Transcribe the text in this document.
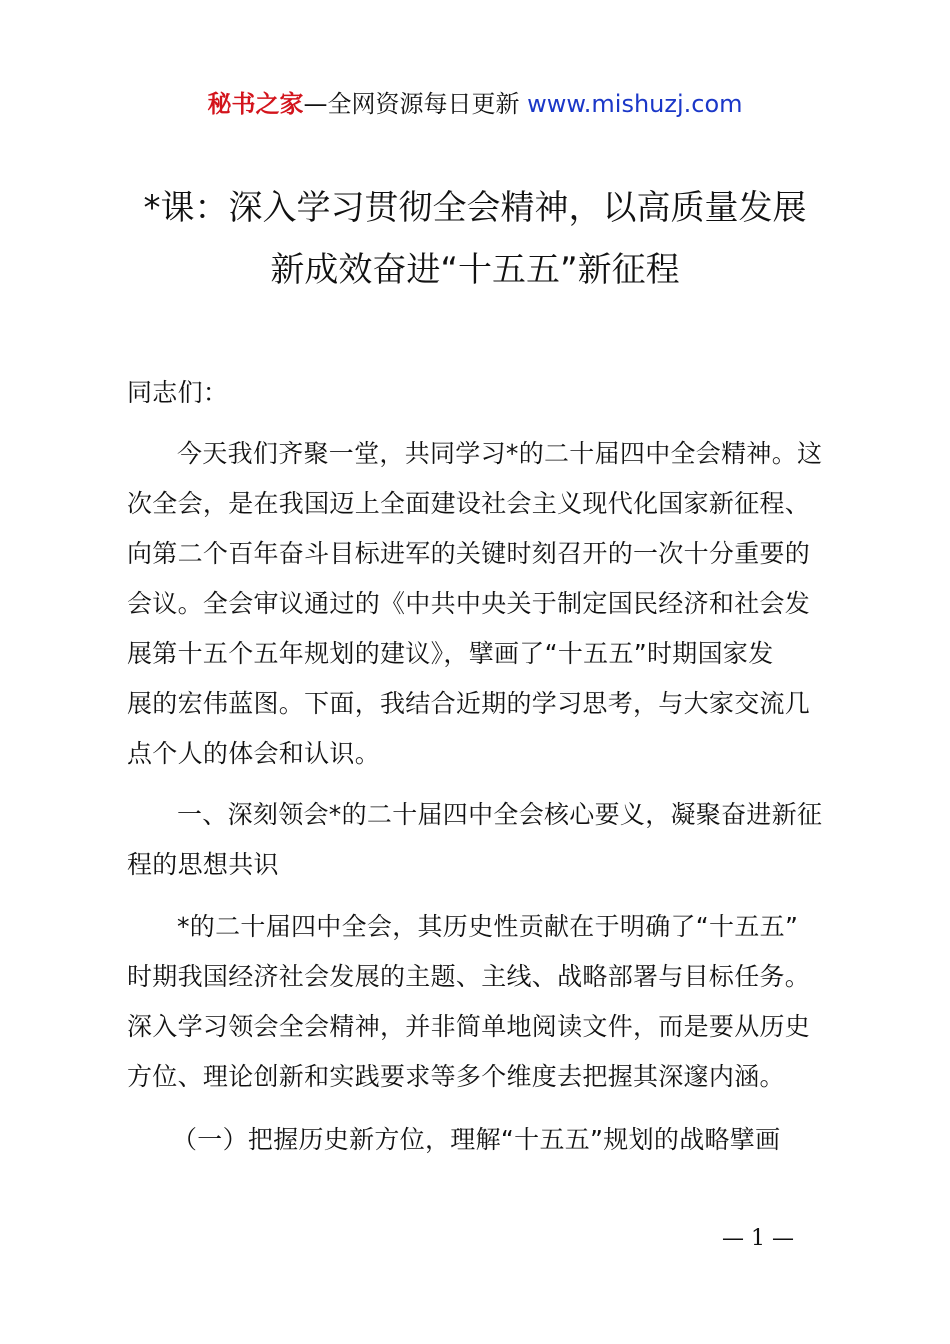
秘书之家—全网资源每日更新 www.mishuzj.com
*课：深入学习贯彻全会精神，以高质量发展
新成效奋进“十五五”新征程
同志们：
今天我们齐聚一堂，共同学习*的二十届四中全会精神。这
次全会，是在我国迈上全面建设社会主义现代化国家新征程、
向第二个百年奋斗目标进军的关键时刻召开的一次十分重要的
会议。全会审议通过的《中共中央关于制定国民经济和社会发
展第十五个五年规划的建议》，擘画了“十五五”时期国家发
展的宏伟蓝图。下面，我结合近期的学习思考，与大家交流几
点个人的体会和认识。
一、深刻领会*的二十届四中全会核心要义，凝聚奋进新征
程的思想共识
*的二十届四中全会，其历史性贡献在于明确了“十五五”
时期我国经济社会发展的主题、主线、战略部署与目标任务。
深入学习领会全会精神，并非简单地阅读文件，而是要从历史
方位、理论创新和实践要求等多个维度去把握其深邃内涵。
（一）把握历史新方位，理解“十五五”规划的战略擘画
— 1 —
